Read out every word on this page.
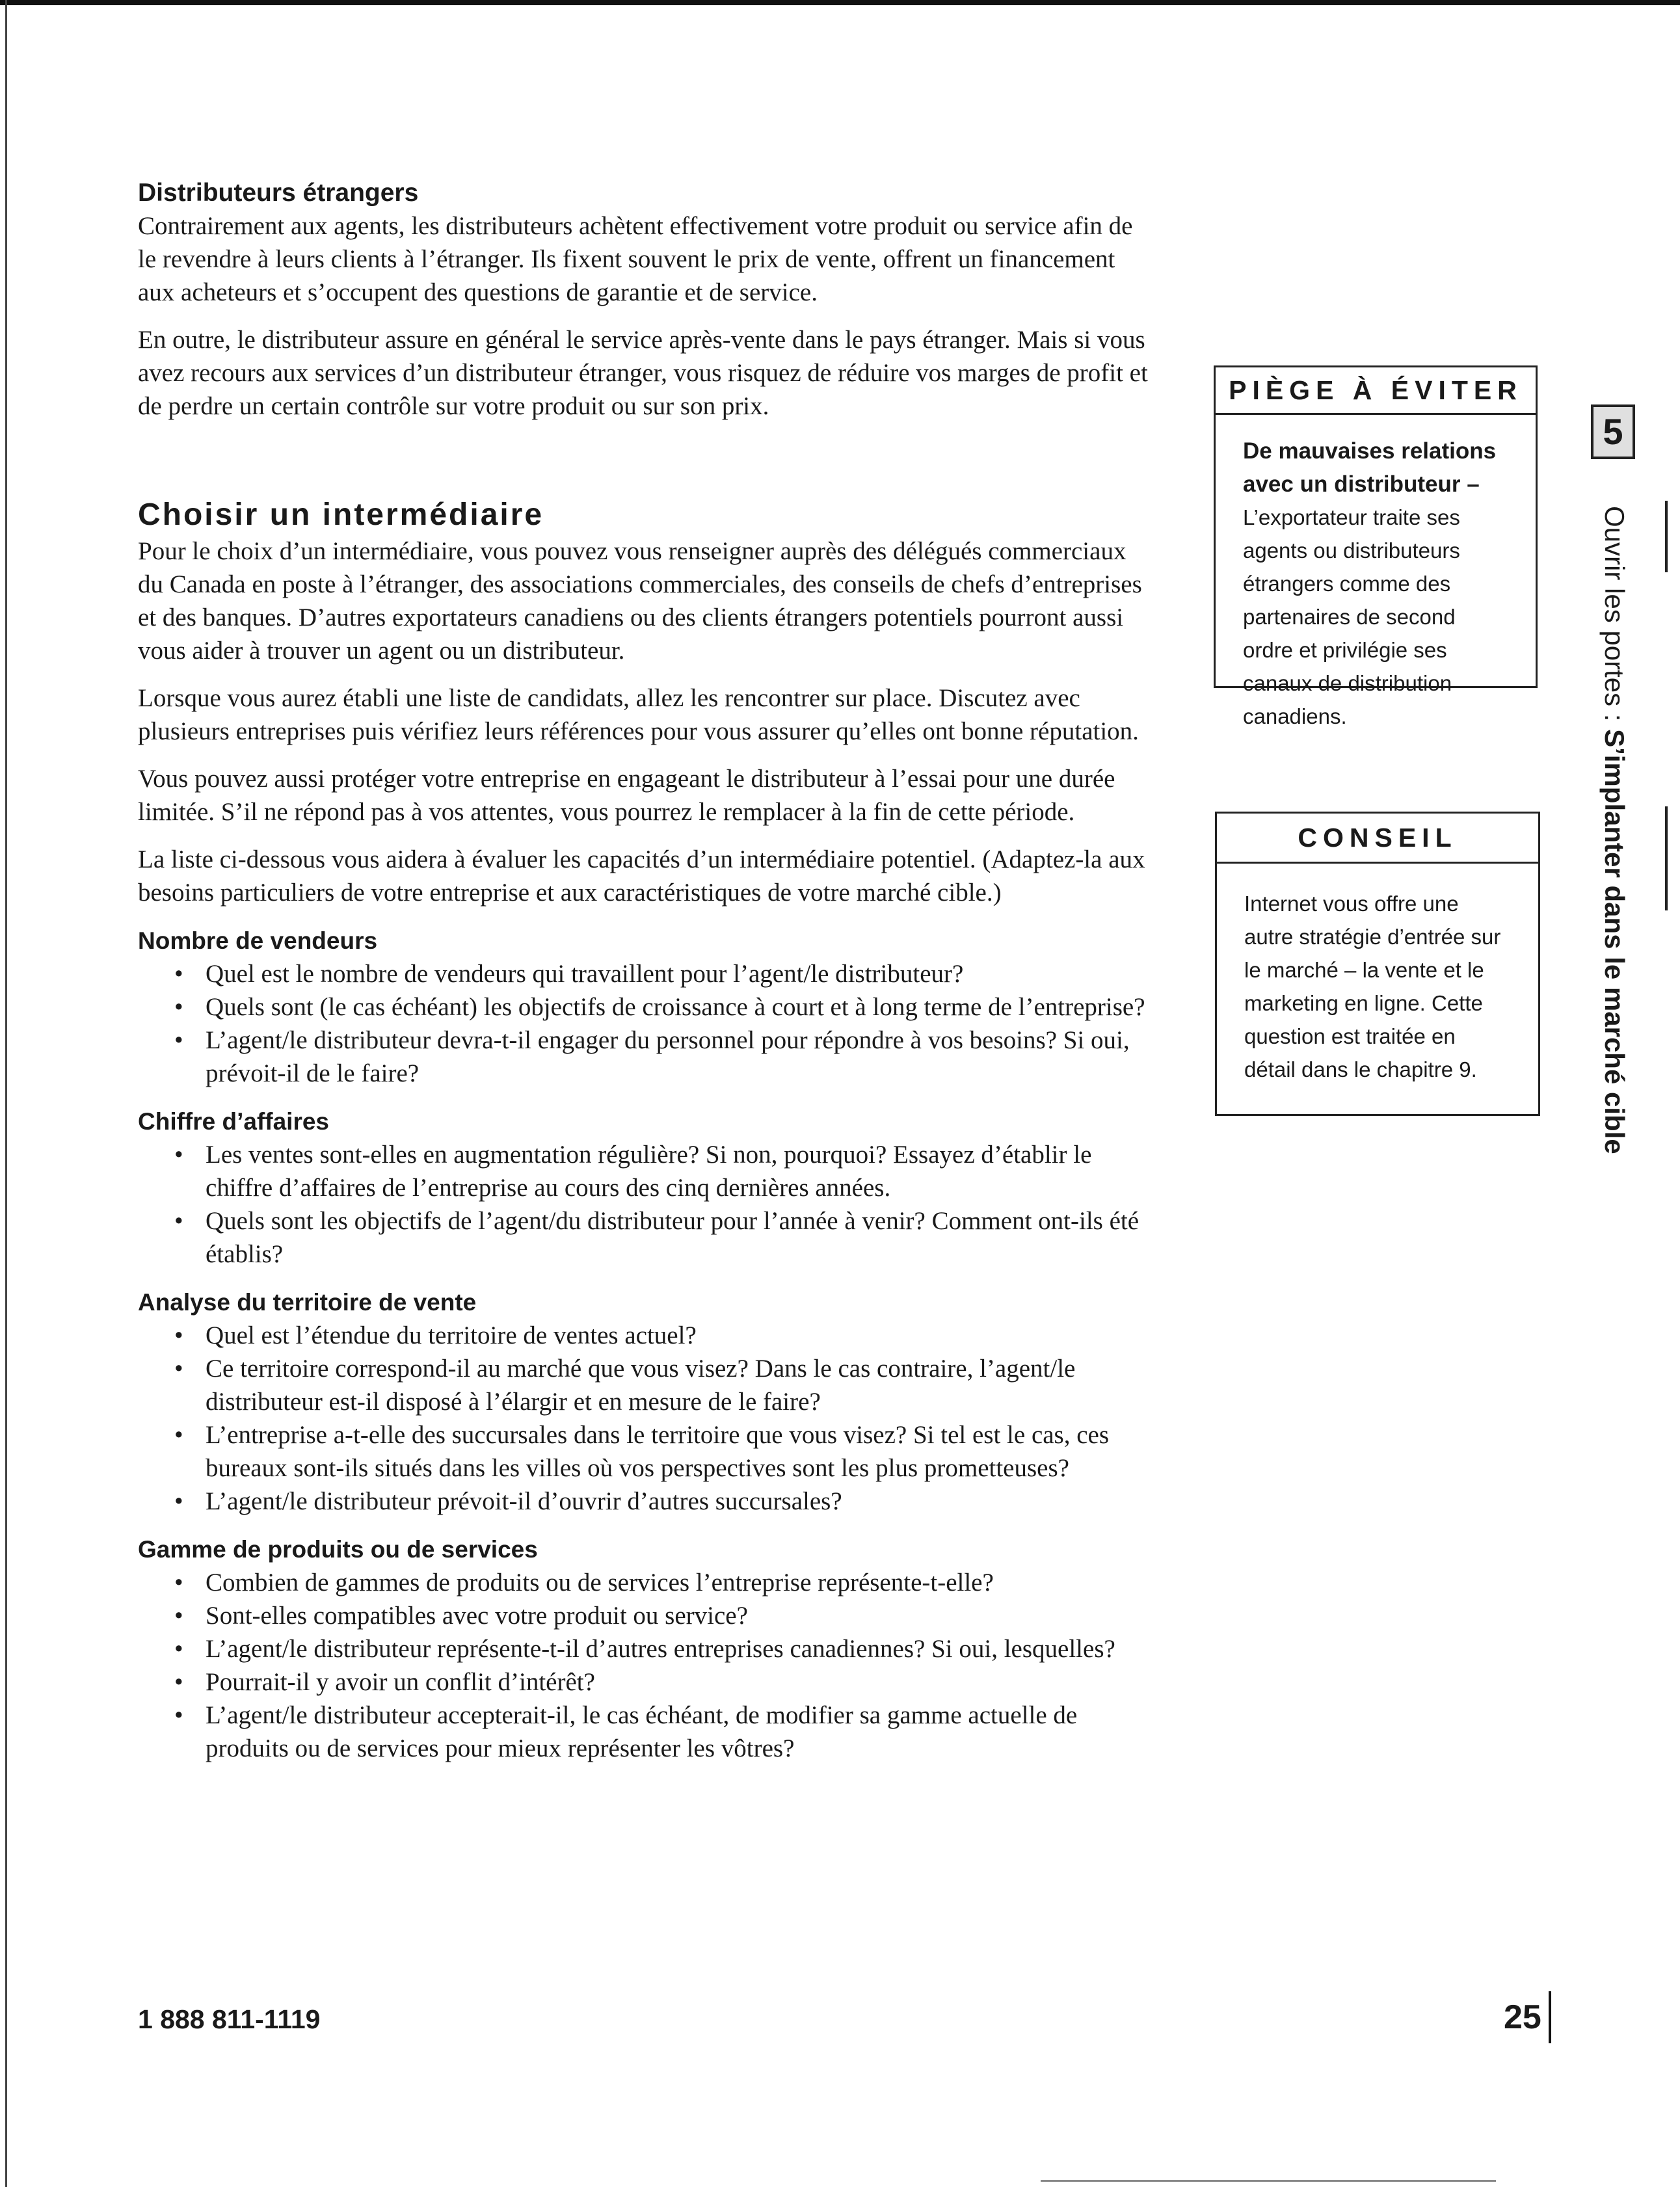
Distributeurs étrangers

Contrairement aux agents, les distributeurs achètent effectivement votre produit ou service afin de le revendre à leurs clients à l’étranger. Ils fixent souvent le prix de vente, offrent un financement aux acheteurs et s’occupent des questions de garantie et de service.

En outre, le distributeur assure en général le service après-vente dans le pays étranger. Mais si vous avez recours aux services d’un distributeur étranger, vous risquez de réduire vos marges de profit et de perdre un certain contrôle sur votre produit ou sur son prix.

Choisir un intermédiaire

Pour le choix d’un intermédiaire, vous pouvez vous renseigner auprès des délégués commerciaux du Canada en poste à l’étranger, des associations commerciales, des conseils de chefs d’entreprises et des banques. D’autres exportateurs canadiens ou des clients étrangers potentiels pourront aussi vous aider à trouver un agent ou un distributeur.

Lorsque vous aurez établi une liste de candidats, allez les rencontrer sur place. Discutez avec plusieurs entreprises puis vérifiez leurs références pour vous assurer qu’elles ont bonne réputation.

Vous pouvez aussi protéger votre entreprise en engageant le distributeur à l’essai pour une durée limitée. S’il ne répond pas à vos attentes, vous pourrez le remplacer à la fin de cette période.

La liste ci-dessous vous aidera à évaluer les capacités d’un intermédiaire potentiel. (Adaptez-la aux besoins particuliers de votre entreprise et aux caractéristiques de votre marché cible.)

Nombre de vendeurs
• Quel est le nombre de vendeurs qui travaillent pour l’agent/le distributeur?
• Quels sont (le cas échéant) les objectifs de croissance à court et à long terme de l’entreprise?
• L’agent/le distributeur devra-t-il engager du personnel pour répondre à vos besoins? Si oui, prévoit-il de le faire?
Chiffre d’affaires
• Les ventes sont-elles en augmentation régulière? Si non, pourquoi? Essayez d’établir le chiffre d’affaires de l’entreprise au cours des cinq dernières années.
• Quels sont les objectifs de l’agent/du distributeur pour l’année à venir? Comment ont-ils été établis?
Analyse du territoire de vente
• Quel est l’étendue du territoire de ventes actuel?
• Ce territoire correspond-il au marché que vous visez? Dans le cas contraire, l’agent/le distributeur est-il disposé à l’élargir et en mesure de le faire?
• L’entreprise a-t-elle des succursales dans le territoire que vous visez? Si tel est le cas, ces bureaux sont-ils situés dans les villes où vos perspectives sont les plus prometteuses?
• L’agent/le distributeur prévoit-il d’ouvrir d’autres succursales?
Gamme de produits ou de services
• Combien de gammes de produits ou de services l’entreprise représente-t-elle?
• Sont-elles compatibles avec votre produit ou service?
• L’agent/le distributeur représente-t-il d’autres entreprises canadiennes? Si oui, lesquelles?
• Pourrait-il y avoir un conflit d’intérêt?
• L’agent/le distributeur accepterait-il, le cas échéant, de modifier sa gamme actuelle de produits ou de services pour mieux représenter les vôtres?
PIÈGE À ÉVITER
De mauvaises relations avec un distributeur –
L’exportateur traite ses agents ou distributeurs étrangers comme des partenaires de second ordre et privilégie ses canaux de distribution canadiens.
CONSEIL
Internet vous offre une autre stratégie d’entrée sur le marché – la vente et le marketing en ligne. Cette question est traitée en détail dans le chapitre 9.
5
Ouvrir les portes : S’implanter dans le marché cible
1 888 811-1119	25
